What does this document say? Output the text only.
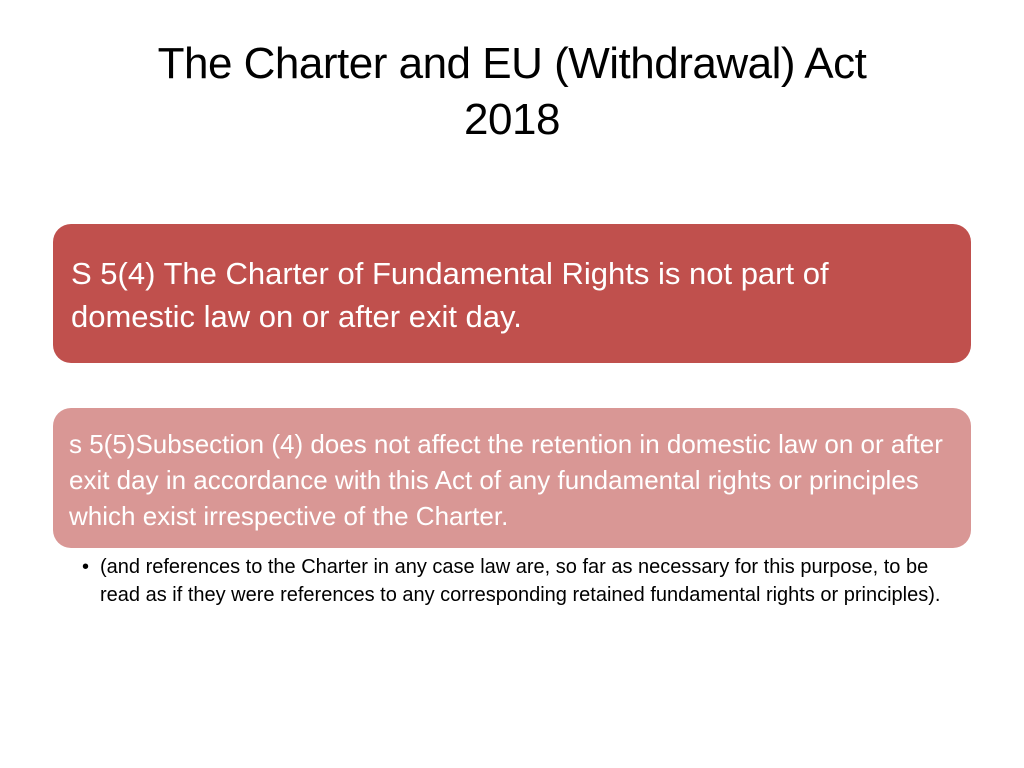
The Charter and EU (Withdrawal) Act
2018
S 5(4) The Charter of Fundamental Rights is not part of domestic law on or after exit day.
s 5(5)Subsection (4) does not affect the retention in domestic law on or after exit day in accordance with this Act of any fundamental rights or principles which exist irrespective of the Charter.
• (and references to the Charter in any case law are, so far as necessary for this purpose, to be read as if they were references to any corresponding retained fundamental rights or principles).
